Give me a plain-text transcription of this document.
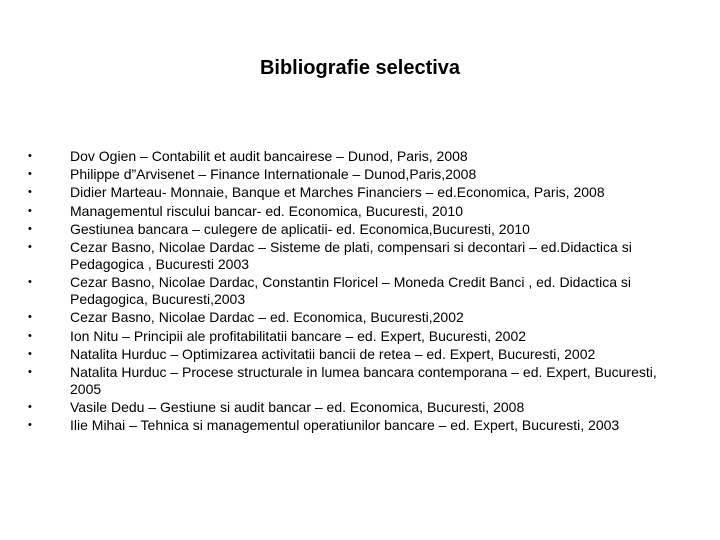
Bibliografie selectiva
•	Dov Ogien – Contabilit et audit bancairese – Dunod, Paris, 2008
•	Philippe d”Arvisenet – Finance Internationale – Dunod,Paris,2008
•	Didier Marteau- Monnaie, Banque et Marches Financiers – ed.Economica, Paris, 2008
•	Managementul riscului bancar- ed. Economica, Bucuresti, 2010
•	Gestiunea bancara – culegere de aplicatii- ed. Economica,Bucuresti, 2010
•	Cezar Basno, Nicolae Dardac – Sisteme de plati, compensari si decontari – ed.Didactica si Pedagogica , Bucuresti 2003
•	Cezar Basno, Nicolae Dardac, Constantin Floricel – Moneda Credit Banci , ed. Didactica si Pedagogica, Bucuresti,2003
•	Cezar Basno, Nicolae Dardac – ed. Economica, Bucuresti,2002
•	Ion Nitu – Principii ale profitabilitatii bancare – ed. Expert, Bucuresti, 2002
•	Natalita Hurduc – Optimizarea activitatii bancii de retea – ed. Expert, Bucuresti, 2002
•	Natalita Hurduc – Procese structurale in lumea bancara contemporana – ed. Expert, Bucuresti, 2005
•	Vasile Dedu – Gestiune si audit bancar – ed. Economica, Bucuresti, 2008
•	Ilie Mihai – Tehnica si managementul operatiunilor bancare – ed. Expert, Bucuresti, 2003
